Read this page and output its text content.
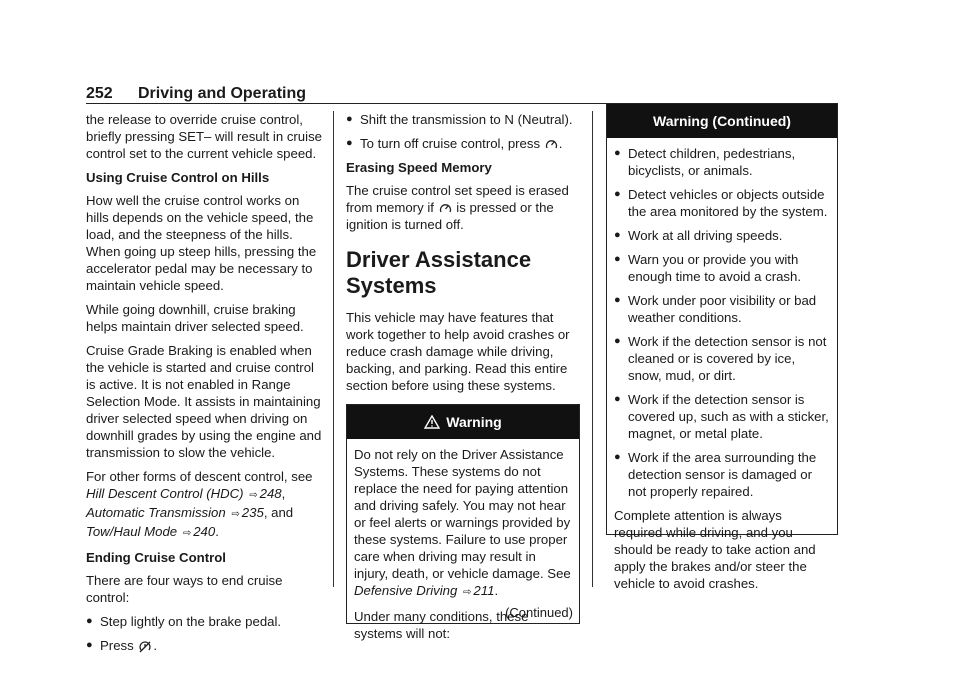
252	Driving and Operating

the release to override cruise control, briefly pressing SET– will result in cruise control set to the current vehicle speed.

Using Cruise Control on Hills

How well the cruise control works on hills depends on the vehicle speed, the load, and the steepness of the hills. When going up steep hills, pressing the accelerator pedal may be necessary to maintain vehicle speed.

While going downhill, cruise braking helps maintain driver selected speed.

Cruise Grade Braking is enabled when the vehicle is started and cruise control is active. It is not enabled in Range Selection Mode. It assists in maintaining driver selected speed when driving on downhill grades by using the engine and transmission to slow the vehicle.

For other forms of descent control, see Hill Descent Control (HDC) ⇨ 248, Automatic Transmission ⇨ 235, and Tow/Haul Mode ⇨ 240.

Ending Cruise Control

There are four ways to end cruise control:

● Step lightly on the brake pedal.
● Press .
● Shift the transmission to N (Neutral).
● To turn off cruise control, press .

Erasing Speed Memory

The cruise control set speed is erased from memory if is pressed or the ignition is turned off.

Driver Assistance Systems

This vehicle may have features that work together to help avoid crashes or reduce crash damage while driving, backing, and parking. Read this entire section before using these systems.

Warning

Do not rely on the Driver Assistance Systems. These systems do not replace the need for paying attention and driving safely. You may not hear or feel alerts or warnings provided by these systems. Failure to use proper care when driving may result in injury, death, or vehicle damage. See Defensive Driving ⇨ 211.

Under many conditions, these systems will not:

(Continued)
Warning (Continued)
● Detect children, pedestrians, bicyclists, or animals.
● Detect vehicles or objects outside the area monitored by the system.
● Work at all driving speeds.
● Warn you or provide you with enough time to avoid a crash.
● Work under poor visibility or bad weather conditions.
● Work if the detection sensor is not cleaned or is covered by ice, snow, mud, or dirt.
● Work if the detection sensor is covered up, such as with a sticker, magnet, or metal plate.
● Work if the area surrounding the detection sensor is damaged or not properly repaired.

Complete attention is always required while driving, and you should be ready to take action and apply the brakes and/or steer the vehicle to avoid crashes.
